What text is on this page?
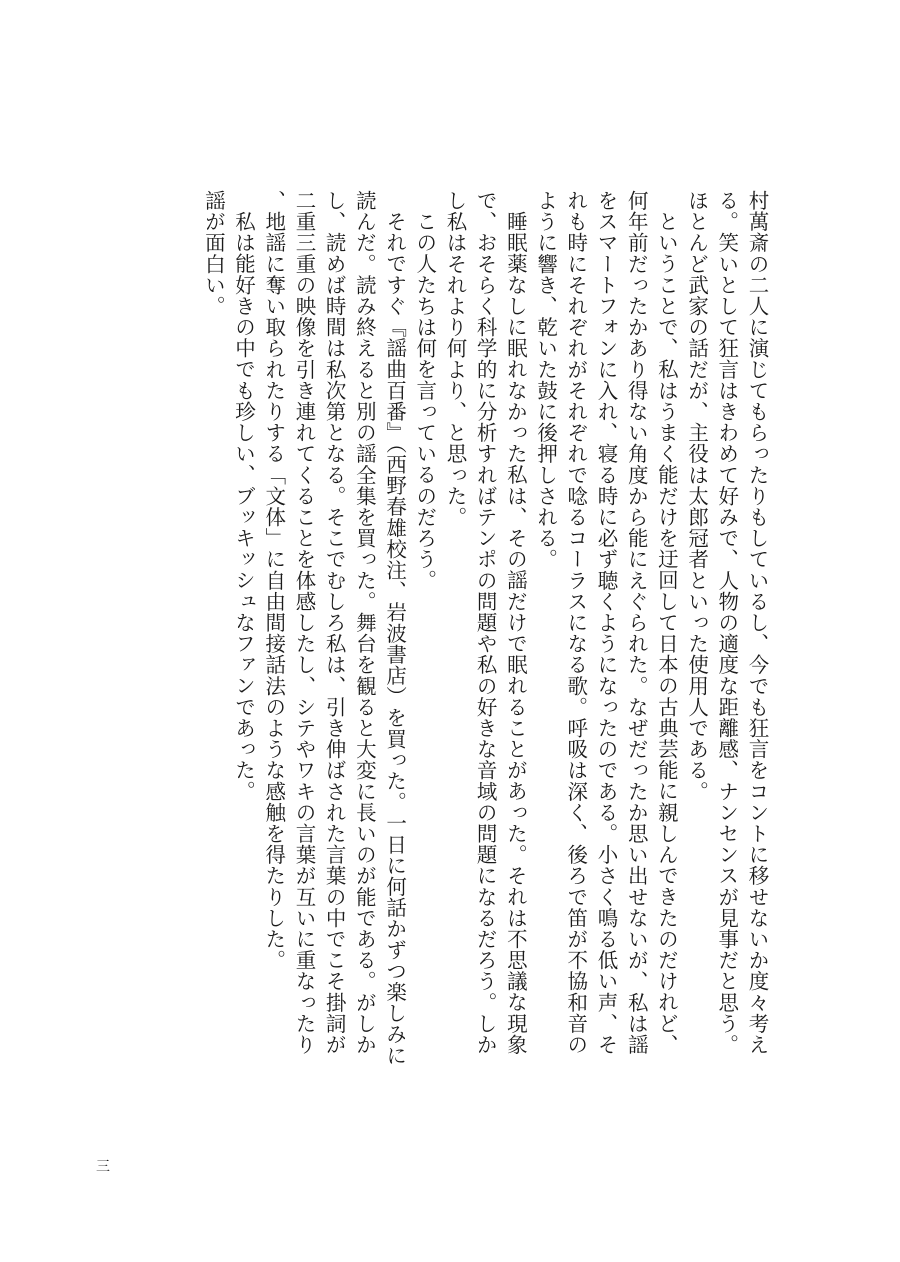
村萬斎の二人に演じてもらったりもしているし、今でも狂言をコントに移せないか度々考える。笑いとして狂言はきわめて好みで、人物の適度な距離感、ナンセンスが見事だと思う。ほとんど武家の話だが、主役は太郎冠者といった使用人である。

ということで、私はうまく能だけを迂回して日本の古典芸能に親しんできたのだけれど、何年前だったかあり得ない角度から能にえぐられた。なぜだったか思い出せないが、私は謡をスマートフォンに入れ、寝る時に必ず聴くようになったのである。小さく鳴る低い声、それも時にそれぞれがそれぞれで唸るコーラスになる歌。呼吸は深く、後ろで笛が不協和音のように響き、乾いた鼓に後押しされる。

睡眠薬なしに眠れなかった私は、その謡だけで眠れることがあった。それは不思議な現象で、おそらく科学的に分析すればテンポの問題や私の好きな音域の問題になるだろう。しかし私はそれより何より、と思った。

この人たちは何を言っているのだろう。

それですぐ『謡曲百番』（西野春雄校注、岩波書店）を買った。一日に何話かずつ楽しみに読んだ。読み終えると別の謡全集を買った。舞台を観ると大変に長いのが能である。がしかし、読めば時間は私次第となる。そこでむしろ私は、引き伸ばされた言葉の中でこそ掛詞が二重三重の映像を引き連れてくることを体感したし、シテやワキの言葉が互いに重なったり、地謡に奪い取られたりする「文体」に自由間接話法のような感触を得たりした。

私は能好きの中でも珍しい、ブッキッシュなファンであった。

謡が面白い。

三
